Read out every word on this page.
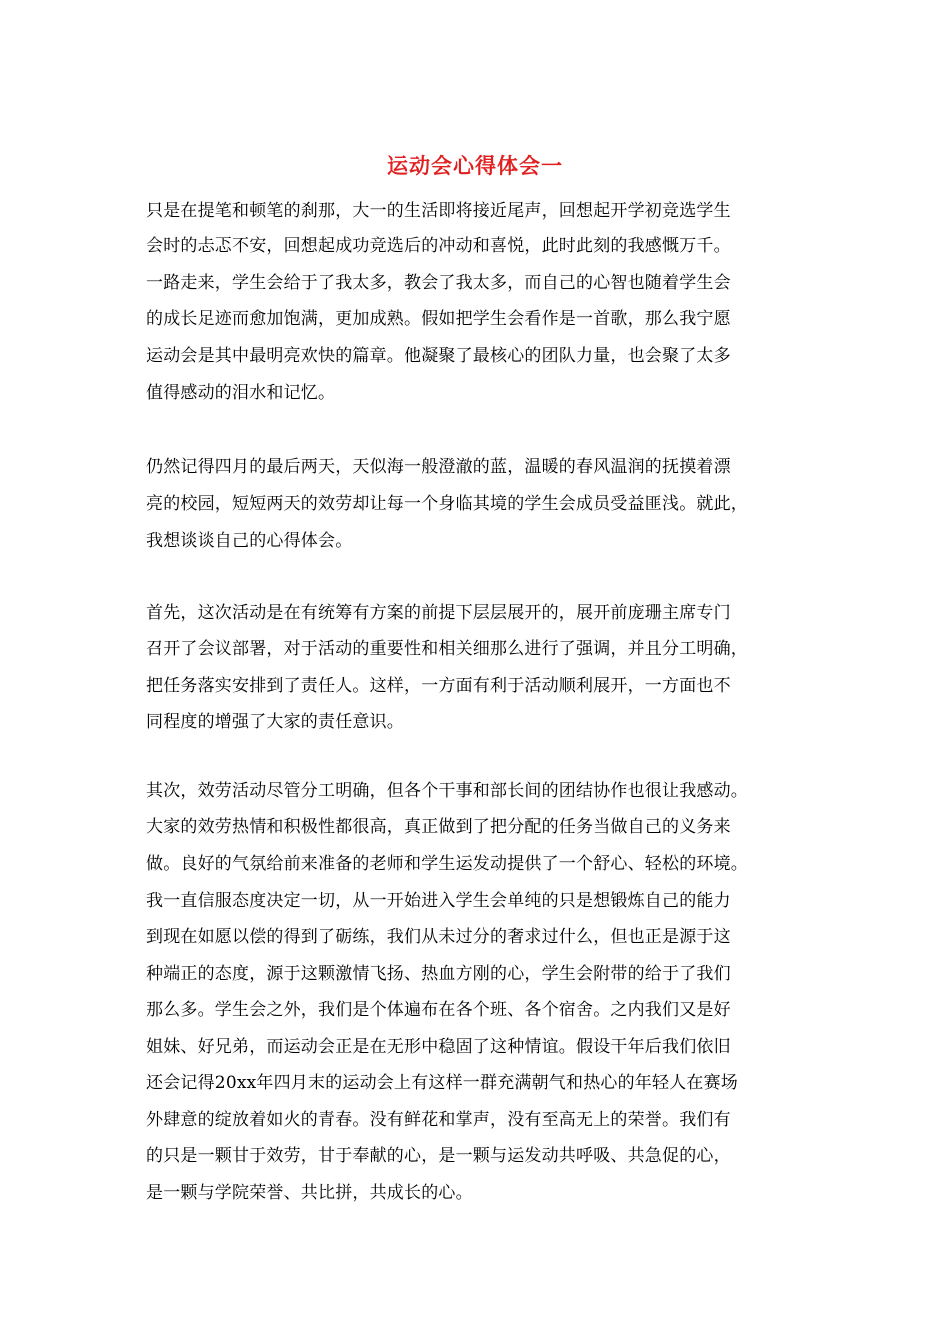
运动会心得体会一
只是在提笔和顿笔的刹那，大一的生活即将接近尾声，回想起开学初竞选学生
会时的忐忑不安，回想起成功竞选后的冲动和喜悦，此时此刻的我感慨万千。
一路走来，学生会给于了我太多，教会了我太多，而自己的心智也随着学生会
的成长足迹而愈加饱满，更加成熟。假如把学生会看作是一首歌，那么我宁愿
运动会是其中最明亮欢快的篇章。他凝聚了最核心的团队力量，也会聚了太多
值得感动的泪水和记忆。
仍然记得四月的最后两天，天似海一般澄澈的蓝，温暖的春风温润的抚摸着漂
亮的校园，短短两天的效劳却让每一个身临其境的学生会成员受益匪浅。就此，
我想谈谈自己的心得体会。
首先，这次活动是在有统筹有方案的前提下层层展开的，展开前庞珊主席专门
召开了会议部署，对于活动的重要性和相关细那么进行了强调，并且分工明确，
把任务落实安排到了责任人。这样，一方面有利于活动顺利展开，一方面也不
同程度的增强了大家的责任意识。
其次，效劳活动尽管分工明确，但各个干事和部长间的团结协作也很让我感动。
大家的效劳热情和积极性都很高，真正做到了把分配的任务当做自己的义务来
做。良好的气氛给前来准备的老师和学生运发动提供了一个舒心、轻松的环境。
我一直信服态度决定一切，从一开始进入学生会单纯的只是想锻炼自己的能力
到现在如愿以偿的得到了砺练，我们从未过分的奢求过什么，但也正是源于这
种端正的态度，源于这颗激情飞扬、热血方刚的心，学生会附带的给于了我们
那么多。学生会之外，我们是个体遍布在各个班、各个宿舍。之内我们又是好
姐妹、好兄弟，而运动会正是在无形中稳固了这种情谊。假设干年后我们依旧
还会记得20xx年四月末的运动会上有这样一群充满朝气和热心的年轻人在赛场
外肆意的绽放着如火的青春。没有鲜花和掌声，没有至高无上的荣誉。我们有
的只是一颗甘于效劳，甘于奉献的心，是一颗与运发动共呼吸、共急促的心，
是一颗与学院荣誉、共比拼，共成长的心。
